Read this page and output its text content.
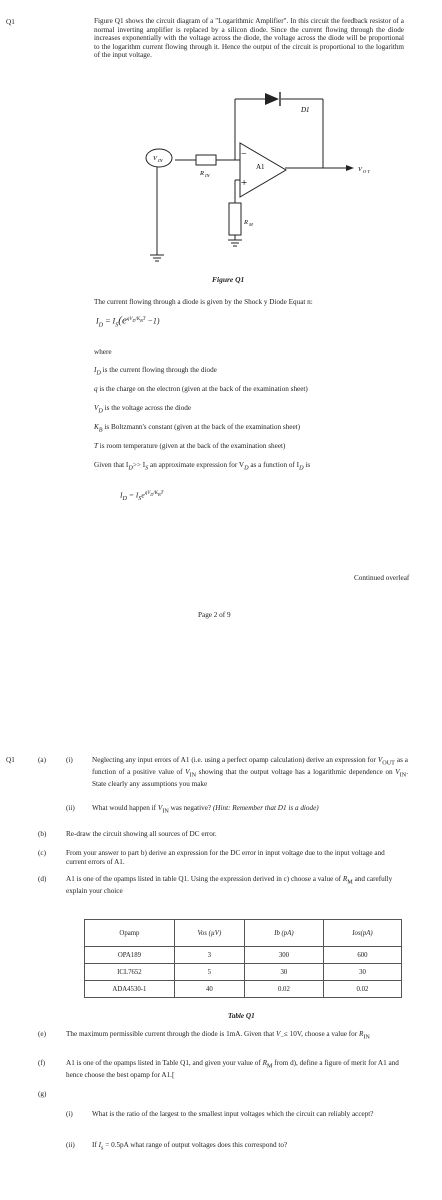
Q1	Figure Q1 shows the circuit diagram of a "Logarithmic Amplifier". In this circuit the feedback resistor of a normal inverting amplifier is replaced by a silicon diode. Since the current flowing through the diode increases exponentially with the voltage across the diode, the voltage across the diode will be proportional to the logarithm current flowing through it. Hence the output of the circuit is proportional to the logarithm of the input voltage.
D1
V IN
R IN
A1
−
+
V O T
R M
Figure Q1
The current flowing through a diode is given by the Shock y Diode Equat n:
$I_D = I_S(e^{qV_D/K_BT} -1)$
where
$I_D$ is the current flowing through the diode
q is the charge on the electron (given at the back of the examination sheet)
$V_D$ is the voltage across the diode
$K_B$ is Boltzmann's constant (given at the back of the examination sheet)
T is room temperature (given at the back of the examination sheet)
Given that $I_D>> I_S$ an approximate expression for $V_D$ as a function of $I_D$ is
$I_D = I_Se^{qV_D/K_BT}$
Continued overleaf
Page 2 of 9
Q1	(a)	(i)	Neglecting any input errors of A1 (i.e. using a perfect opamp calculation) derive an expression for $V_{OUT}$ as a function of a positive value of $V_{IN}$ showing that the output voltage has a logarithmic dependence on $V_{IN}$. State clearly any assumptions you make
(ii) What would happen if $V_{IN}$ was negative? (Hint: Remember that D1 is a diode)
(b)	Re-draw the circuit showing all sources of DC error.
(c)	From your answer to part b) derive an expression for the DC error in input voltage due to the input voltage and current errors of A1.
(d)	A1 is one of the opamps listed in table Q1. Using the expression derived in c) choose a value of $R_M$ and carefully explain your choice
Opamp	Vos (µV)	Ib (pA)	Ios(pA)
OPA189	3	300	600
ICL7652	5	30	30
ADA4530-1	40	0.02	0.02
Table Q1
(e)	The maximum permissible current through the diode is 1mA. Given that $V_-\le 10V$, choose a value for $R_{IN}$
(f)	A1 is one of the opamps listed in Table Q1, and given your value of $R_M$ from d), define a figure of merit for A1 and hence choose the best opamp for A1.[
(g)
(i)	What is the ratio of the largest to the smallest input voltages which the circuit can reliably accept?
(ii) If $I_s = 0.5pA$ what range of output voltages does this correspond to?
